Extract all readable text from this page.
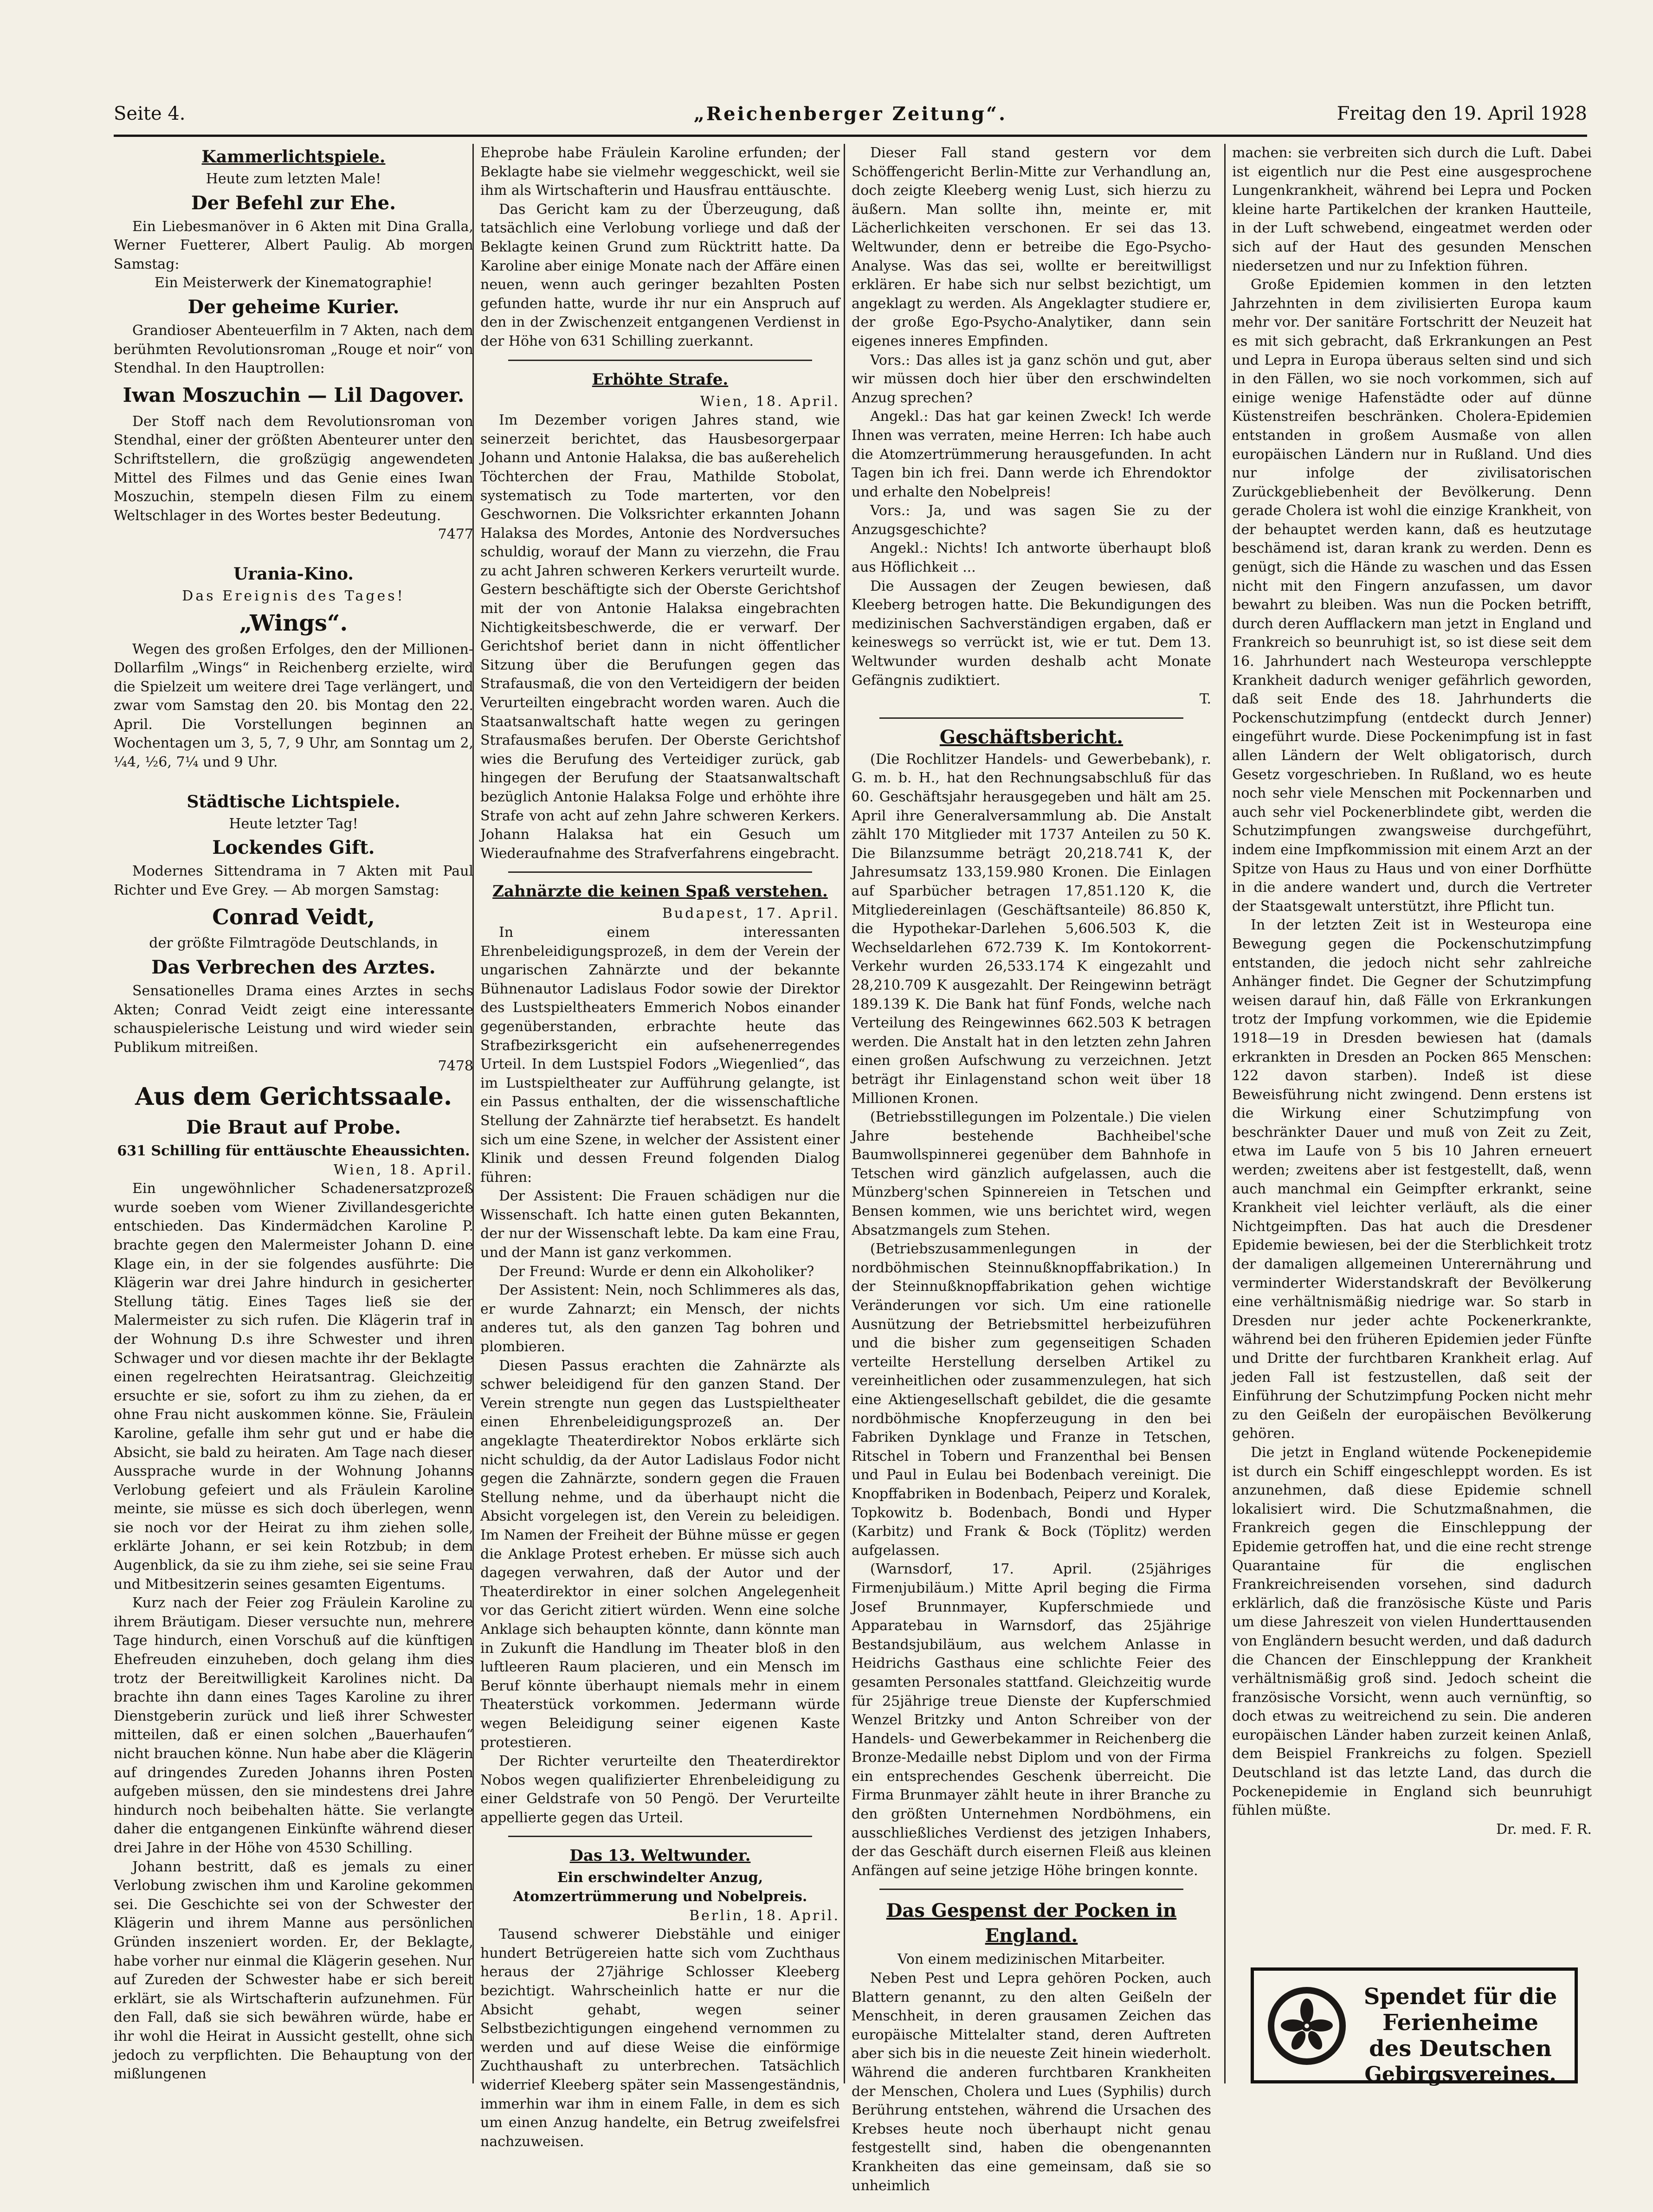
Seite 4.	„Reichenberger Zeitung“.	Freitag den 19. April 1928
Kammerlichtspiele.

Heute zum letzten Male!

Der Befehl zur Ehe.

Ein Liebesmanöver in 6 Akten mit Dina Gralla, Werner Fuetterer, Albert Paulig. Ab morgen Samstag:

Ein Meisterwerk der Kinematographie!

Der geheime Kurier.

Grandioser Abenteuerfilm in 7 Akten, nach dem berühmten Revolutionsroman „Rouge et noir“ von Stendhal. In den Hauptrollen:

Iwan Moszuchin — Lil Dagover.

Der Stoff nach dem Revolutionsroman von Stendhal, einer der größten Abenteurer unter den Schriftstellern, die großzügig angewendeten Mittel des Filmes und das Genie eines Iwan Moszuchin, stempeln diesen Film zu einem Weltschlager in des Wortes bester Bedeutung.

7477

Urania-Kino.

Das Ereignis des Tages!

„Wings“.

Wegen des großen Erfolges, den der Millionen-Dollarfilm „Wings“ in Reichenberg erzielte, wird die Spielzeit um weitere drei Tage verlängert, und zwar vom Samstag den 20. bis Montag den 22. April. Die Vorstellungen beginnen an Wochentagen um 3, 5, 7, 9 Uhr, am Sonntag um 2, ¼4, ½6, 7¼ und 9 Uhr.

Städtische Lichtspiele.

Heute letzter Tag!

Lockendes Gift.

Modernes Sittendrama in 7 Akten mit Paul Richter und Eve Grey. — Ab morgen Samstag:

Conrad Veidt,

der größte Filmtragöde Deutschlands, in

Das Verbrechen des Arztes.

Sensationelles Drama eines Arztes in sechs Akten; Conrad Veidt zeigt eine interessante schauspielerische Leistung und wird wieder sein Publikum mitreißen.

7478

Aus dem Gerichtssaale.
Die Braut auf Probe.

631 Schilling für enttäuschte Eheaussichten.

Wien, 18. April.

Ein ungewöhnlicher Schadenersatzprozeß wurde soeben vom Wiener Zivillandesgerichte entschieden. Das Kindermädchen Karoline P. brachte gegen den Malermeister Johann D. eine Klage ein, in der sie folgendes ausführte: Die Klägerin war drei Jahre hindurch in gesicherter Stellung tätig. Eines Tages ließ sie der Malermeister zu sich rufen. Die Klägerin traf in der Wohnung D.s ihre Schwester und ihren Schwager und vor diesen machte ihr der Beklagte einen regelrechten Heiratsantrag. Gleichzeitig ersuchte er sie, sofort zu ihm zu ziehen, da er ohne Frau nicht auskommen könne. Sie, Fräulein Karoline, gefalle ihm sehr gut und er habe die Absicht, sie bald zu heiraten. Am Tage nach dieser Aussprache wurde in der Wohnung Johanns Verlobung gefeiert und als Fräulein Karoline meinte, sie müsse es sich doch überlegen, wenn sie noch vor der Heirat zu ihm ziehen solle, erklärte Johann, er sei kein Rotzbub; in dem Augenblick, da sie zu ihm ziehe, sei sie seine Frau und Mitbesitzerin seines gesamten Eigentums.

Kurz nach der Feier zog Fräulein Karoline zu ihrem Bräutigam. Dieser versuchte nun, mehrere Tage hindurch, einen Vorschuß auf die künftigen Ehefreuden einzuheben, doch gelang ihm dies trotz der Bereitwilligkeit Karolines nicht. Da brachte ihn dann eines Tages Karoline zu ihrer Dienstgeberin zurück und ließ ihrer Schwester mitteilen, daß er einen solchen „Bauerhaufen“ nicht brauchen könne. Nun habe aber die Klägerin auf dringendes Zureden Johanns ihren Posten aufgeben müssen, den sie mindestens drei Jahre hindurch noch beibehalten hätte. Sie verlangte daher die entgangenen Einkünfte während dieser drei Jahre in der Höhe von 4530 Schilling.

Johann bestritt, daß es jemals zu einer Verlobung zwischen ihm und Karoline gekommen sei. Die Geschichte sei von der Schwester der Klägerin und ihrem Manne aus persönlichen Gründen inszeniert worden. Er, der Beklagte, habe vorher nur einmal die Klägerin gesehen. Nur auf Zureden der Schwester habe er sich bereit erklärt, sie als Wirtschafterin aufzunehmen. Für den Fall, daß sie sich bewähren würde, habe er ihr wohl die Heirat in Aussicht gestellt, ohne sich jedoch zu verpflichten. Die Behauptung von der mißlungenen

Eheprobe habe Fräulein Karoline erfunden; der Beklagte habe sie vielmehr weggeschickt, weil sie ihm als Wirtschafterin und Hausfrau enttäuschte.

Das Gericht kam zu der Überzeugung, daß tatsächlich eine Verlobung vorliege und daß der Beklagte keinen Grund zum Rücktritt hatte. Da Karoline aber einige Monate nach der Affäre einen neuen, wenn auch geringer bezahlten Posten gefunden hatte, wurde ihr nur ein Anspruch auf den in der Zwischenzeit entgangenen Verdienst in der Höhe von 631 Schilling zuerkannt.

Erhöhte Strafe.

Wien, 18. April.

Im Dezember vorigen Jahres stand, wie seinerzeit berichtet, das Hausbesorgerpaar Johann und Antonie Halaksa, die bas außerehelich Töchterchen der Frau, Mathilde Stobolat, systematisch zu Tode marterten, vor den Geschwornen. Die Volksrichter erkannten Johann Halaksa des Mordes, Antonie des Nordversuches schuldig, worauf der Mann zu vierzehn, die Frau zu acht Jahren schweren Kerkers verurteilt wurde. Gestern beschäftigte sich der Oberste Gerichtshof mit der von Antonie Halaksa eingebrachten Nichtigkeitsbeschwerde, die er verwarf. Der Gerichtshof beriet dann in nicht öffentlicher Sitzung über die Berufungen gegen das Strafausmaß, die von den Verteidigern der beiden Verurteilten eingebracht worden waren. Auch die Staatsanwaltschaft hatte wegen zu geringen Strafausmaßes berufen. Der Oberste Gerichtshof wies die Berufung des Verteidiger zurück, gab hingegen der Berufung der Staatsanwaltschaft bezüglich Antonie Halaksa Folge und erhöhte ihre Strafe von acht auf zehn Jahre schweren Kerkers. Johann Halaksa hat ein Gesuch um Wiederaufnahme des Strafverfahrens eingebracht.

Zahnärzte die keinen Spaß verstehen.

Budapest, 17. April.

In einem interessanten Ehrenbeleidigungsprozeß, in dem der Verein der ungarischen Zahnärzte und der bekannte Bühnenautor Ladislaus Fodor sowie der Direktor des Lustspieltheaters Emmerich Nobos einander gegenüberstanden, erbrachte heute das Strafbezirksgericht ein aufsehenerregendes Urteil. In dem Lustspiel Fodors „Wiegenlied“, das im Lustspieltheater zur Aufführung gelangte, ist ein Passus enthalten, der die wissenschaftliche Stellung der Zahnärzte tief herabsetzt. Es handelt sich um eine Szene, in welcher der Assistent einer Klinik und dessen Freund folgenden Dialog führen:

Der Assistent: Die Frauen schädigen nur die Wissenschaft. Ich hatte einen guten Bekannten, der nur der Wissenschaft lebte. Da kam eine Frau, und der Mann ist ganz verkommen.

Der Freund: Wurde er denn ein Alkoholiker?

Der Assistent: Nein, noch Schlimmeres als das, er wurde Zahnarzt; ein Mensch, der nichts anderes tut, als den ganzen Tag bohren und plombieren.

Diesen Passus erachten die Zahnärzte als schwer beleidigend für den ganzen Stand. Der Verein strengte nun gegen das Lustspieltheater einen Ehrenbeleidigungsprozeß an. Der angeklagte Theaterdirektor Nobos erklärte sich nicht schuldig, da der Autor Ladislaus Fodor nicht gegen die Zahnärzte, sondern gegen die Frauen Stellung nehme, und da überhaupt nicht die Absicht vorgelegen ist, den Verein zu beleidigen. Im Namen der Freiheit der Bühne müsse er gegen die Anklage Protest erheben. Er müsse sich auch dagegen verwahren, daß der Autor und der Theaterdirektor in einer solchen Angelegenheit vor das Gericht zitiert würden. Wenn eine solche Anklage sich behaupten könnte, dann könnte man in Zukunft die Handlung im Theater bloß in den luftleeren Raum placieren, und ein Mensch im Beruf könnte überhaupt niemals mehr in einem Theaterstück vorkommen. Jedermann würde wegen Beleidigung seiner eigenen Kaste protestieren.

Der Richter verurteilte den Theaterdirektor Nobos wegen qualifizierter Ehrenbeleidigung zu einer Geldstrafe von 50 Pengö. Der Verurteilte appellierte gegen das Urteil.

Das 13. Weltwunder.

Ein erschwindelter Anzug, Atomzertrümmerung und Nobelpreis.

Berlin, 18. April.

Tausend schwerer Diebstähle und einiger hundert Betrügereien hatte sich vom Zuchthaus heraus der 27jährige Schlosser Kleeberg bezichtigt. Wahrscheinlich hatte er nur die Absicht gehabt, wegen seiner Selbstbezichtigungen eingehend vernommen zu werden und auf diese Weise die einförmige Zuchthaushaft zu unterbrechen. Tatsächlich widerrief Kleeberg später sein Massengeständnis, immerhin war ihm in einem Falle, in dem es sich um einen Anzug handelte, ein Betrug zweifelsfrei nachzuweisen.

Dieser Fall stand gestern vor dem Schöffengericht Berlin-Mitte zur Verhandlung an, doch zeigte Kleeberg wenig Lust, sich hierzu zu äußern. Man sollte ihn, meinte er, mit Lächerlichkeiten verschonen. Er sei das 13. Weltwunder, denn er betreibe die Ego-Psycho-Analyse. Was das sei, wollte er bereitwilligst erklären. Er habe sich nur selbst bezichtigt, um angeklagt zu werden. Als Angeklagter studiere er, der große Ego-Psycho-Analytiker, dann sein eigenes inneres Empfinden.

Vors.: Das alles ist ja ganz schön und gut, aber wir müssen doch hier über den erschwindelten Anzug sprechen?

Angekl.: Das hat gar keinen Zweck! Ich werde Ihnen was verraten, meine Herren: Ich habe auch die Atomzertrümmerung herausgefunden. In acht Tagen bin ich frei. Dann werde ich Ehrendoktor und erhalte den Nobelpreis!

Vors.: Ja, und was sagen Sie zu der Anzugsgeschichte?

Angekl.: Nichts! Ich antworte überhaupt bloß aus Höflichkeit ...

Die Aussagen der Zeugen bewiesen, daß Kleeberg betrogen hatte. Die Bekundigungen des medizinischen Sachverständigen ergaben, daß er keineswegs so verrückt ist, wie er tut. Dem 13. Weltwunder wurden deshalb acht Monate Gefängnis zudiktiert.

T.

Geschäftsbericht.

(Die Rochlitzer Handels- und Gewerbebank), r. G. m. b. H., hat den Rechnungsabschluß für das 60. Geschäftsjahr herausgegeben und hält am 25. April ihre Generalversammlung ab. Die Anstalt zählt 170 Mitglieder mit 1737 Anteilen zu 50 K. Die Bilanzsumme beträgt 20,218.741 K, der Jahresumsatz 133,159.980 Kronen. Die Einlagen auf Sparbücher betragen 17,851.120 K, die Mitgliedereinlagen (Geschäftsanteile) 86.850 K, die Hypothekar-Darlehen 5,606.503 K, die Wechseldarlehen 672.739 K. Im Kontokorrent-Verkehr wurden 26,533.174 K eingezahlt und 28,210.709 K ausgezahlt. Der Reingewinn beträgt 189.139 K. Die Bank hat fünf Fonds, welche nach Verteilung des Reingewinnes 662.503 K betragen werden. Die Anstalt hat in den letzten zehn Jahren einen großen Aufschwung zu verzeichnen. Jetzt beträgt ihr Einlagenstand schon weit über 18 Millionen Kronen.

(Betriebsstillegungen im Polzentale.) Die vielen Jahre bestehende Bachheibel'sche Baumwollspinnerei gegenüber dem Bahnhofe in Tetschen wird gänzlich aufgelassen, auch die Münzberg'schen Spinnereien in Tetschen und Bensen kommen, wie uns berichtet wird, wegen Absatzmangels zum Stehen.

(Betriebszusammenlegungen in der nordböhmischen Steinnußknopffabrikation.) In der Steinnußknopffabrikation gehen wichtige Veränderungen vor sich. Um eine rationelle Ausnützung der Betriebsmittel herbeizuführen und die bisher zum gegenseitigen Schaden verteilte Herstellung derselben Artikel zu vereinheitlichen oder zusammenzulegen, hat sich eine Aktiengesellschaft gebildet, die die gesamte nordböhmische Knopferzeugung in den bei Fabriken Dynklage und Franze in Tetschen, Ritschel in Tobern und Franzenthal bei Bensen und Paul in Eulau bei Bodenbach vereinigt. Die Knopffabriken in Bodenbach, Peiperz und Koralek, Topkowitz b. Bodenbach, Bondi und Hyper (Karbitz) und Frank & Bock (Töplitz) werden aufgelassen.

(Warnsdorf, 17. April. (25jähriges Firmenjubiläum.) Mitte April beging die Firma Josef Brunnmayer, Kupferschmiede und Apparatebau in Warnsdorf, das 25jährige Bestandsjubiläum, aus welchem Anlasse in Heidrichs Gasthaus eine schlichte Feier des gesamten Personales stattfand. Gleichzeitig wurde für 25jährige treue Dienste der Kupferschmied Wenzel Britzky und Anton Schreiber von der Handels- und Gewerbekammer in Reichenberg die Bronze-Medaille nebst Diplom und von der Firma ein entsprechendes Geschenk überreicht. Die Firma Brunmayer zählt heute in ihrer Branche zu den größten Unternehmen Nordböhmens, ein ausschließliches Verdienst des jetzigen Inhabers, der das Geschäft durch eisernen Fleiß aus kleinen Anfängen auf seine jetzige Höhe bringen konnte.

Das Gespenst der Pocken in England.

Von einem medizinischen Mitarbeiter.

Neben Pest und Lepra gehören Pocken, auch Blattern genannt, zu den alten Geißeln der Menschheit, in deren grausamen Zeichen das europäische Mittelalter stand, deren Auftreten aber sich bis in die neueste Zeit hinein wiederholt. Während die anderen furchtbaren Krankheiten der Menschen, Cholera und Lues (Syphilis) durch Berührung entstehen, während die Ursachen des Krebses heute noch überhaupt nicht genau festgestellt sind, haben die obengenannten Krankheiten das eine gemeinsam, daß sie so unheimlich

machen: sie verbreiten sich durch die Luft. Dabei ist eigentlich nur die Pest eine ausgesprochene Lungenkrankheit, während bei Lepra und Pocken kleine harte Partikelchen der kranken Hautteile, in der Luft schwebend, eingeatmet werden oder sich auf der Haut des gesunden Menschen niedersetzen und nur zu Infektion führen.

Große Epidemien kommen in den letzten Jahrzehnten in dem zivilisierten Europa kaum mehr vor. Der sanitäre Fortschritt der Neuzeit hat es mit sich gebracht, daß Erkrankungen an Pest und Lepra in Europa überaus selten sind und sich in den Fällen, wo sie noch vorkommen, sich auf einige wenige Hafenstädte oder auf dünne Küstenstreifen beschränken. Cholera-Epidemien entstanden in großem Ausmaße von allen europäischen Ländern nur in Rußland. Und dies nur infolge der zivilisatorischen Zurückgebliebenheit der Bevölkerung. Denn gerade Cholera ist wohl die einzige Krankheit, von der behauptet werden kann, daß es heutzutage beschämend ist, daran krank zu werden. Denn es genügt, sich die Hände zu waschen und das Essen nicht mit den Fingern anzufassen, um davor bewahrt zu bleiben. Was nun die Pocken betrifft, durch deren Aufflackern man jetzt in England und Frankreich so beunruhigt ist, so ist diese seit dem 16. Jahrhundert nach Westeuropa verschleppte Krankheit dadurch weniger gefährlich geworden, daß seit Ende des 18. Jahrhunderts die Pockenschutzimpfung (entdeckt durch Jenner) eingeführt wurde. Diese Pockenimpfung ist in fast allen Ländern der Welt obligatorisch, durch Gesetz vorgeschrieben. In Rußland, wo es heute noch sehr viele Menschen mit Pockennarben und auch sehr viel Pockenerblindete gibt, werden die Schutzimpfungen zwangsweise durchgeführt, indem eine Impfkommission mit einem Arzt an der Spitze von Haus zu Haus und von einer Dorfhütte in die andere wandert und, durch die Vertreter der Staatsgewalt unterstützt, ihre Pflicht tun.

In der letzten Zeit ist in Westeuropa eine Bewegung gegen die Pockenschutzimpfung entstanden, die jedoch nicht sehr zahlreiche Anhänger findet. Die Gegner der Schutzimpfung weisen darauf hin, daß Fälle von Erkrankungen trotz der Impfung vorkommen, wie die Epidemie 1918—19 in Dresden bewiesen hat (damals erkrankten in Dresden an Pocken 865 Menschen: 122 davon starben). Indeß ist diese Beweisführung nicht zwingend. Denn erstens ist die Wirkung einer Schutzimpfung von beschränkter Dauer und muß von Zeit zu Zeit, etwa im Laufe von 5 bis 10 Jahren erneuert werden; zweitens aber ist festgestellt, daß, wenn auch manchmal ein Geimpfter erkrankt, seine Krankheit viel leichter verläuft, als die einer Nichtgeimpften. Das hat auch die Dresdener Epidemie bewiesen, bei der die Sterblichkeit trotz der damaligen allgemeinen Unterernährung und verminderter Widerstandskraft der Bevölkerung eine verhältnismäßig niedrige war. So starb in Dresden nur jeder achte Pockenerkrankte, während bei den früheren Epidemien jeder Fünfte und Dritte der furchtbaren Krankheit erlag. Auf jeden Fall ist festzustellen, daß seit der Einführung der Schutzimpfung Pocken nicht mehr zu den Geißeln der europäischen Bevölkerung gehören.

Die jetzt in England wütende Pockenepidemie ist durch ein Schiff eingeschleppt worden. Es ist anzunehmen, daß diese Epidemie schnell lokalisiert wird. Die Schutzmaßnahmen, die Frankreich gegen die Einschleppung der Epidemie getroffen hat, und die eine recht strenge Quarantaine für die englischen Frankreichreisenden vorsehen, sind dadurch erklärlich, daß die französische Küste und Paris um diese Jahreszeit von vielen Hunderttausenden von Engländern besucht werden, und daß dadurch die Chancen der Einschleppung der Krankheit verhältnismäßig groß sind. Jedoch scheint die französische Vorsicht, wenn auch vernünftig, so doch etwas zu weitreichend zu sein. Die anderen europäischen Länder haben zurzeit keinen Anlaß, dem Beispiel Frankreichs zu folgen. Speziell Deutschland ist das letzte Land, das durch die Pockenepidemie in England sich beunruhigt fühlen müßte.

Dr. med. F. R.

Spendet für die
Ferienheime
des Deutschen
Gebirgsvereines.
